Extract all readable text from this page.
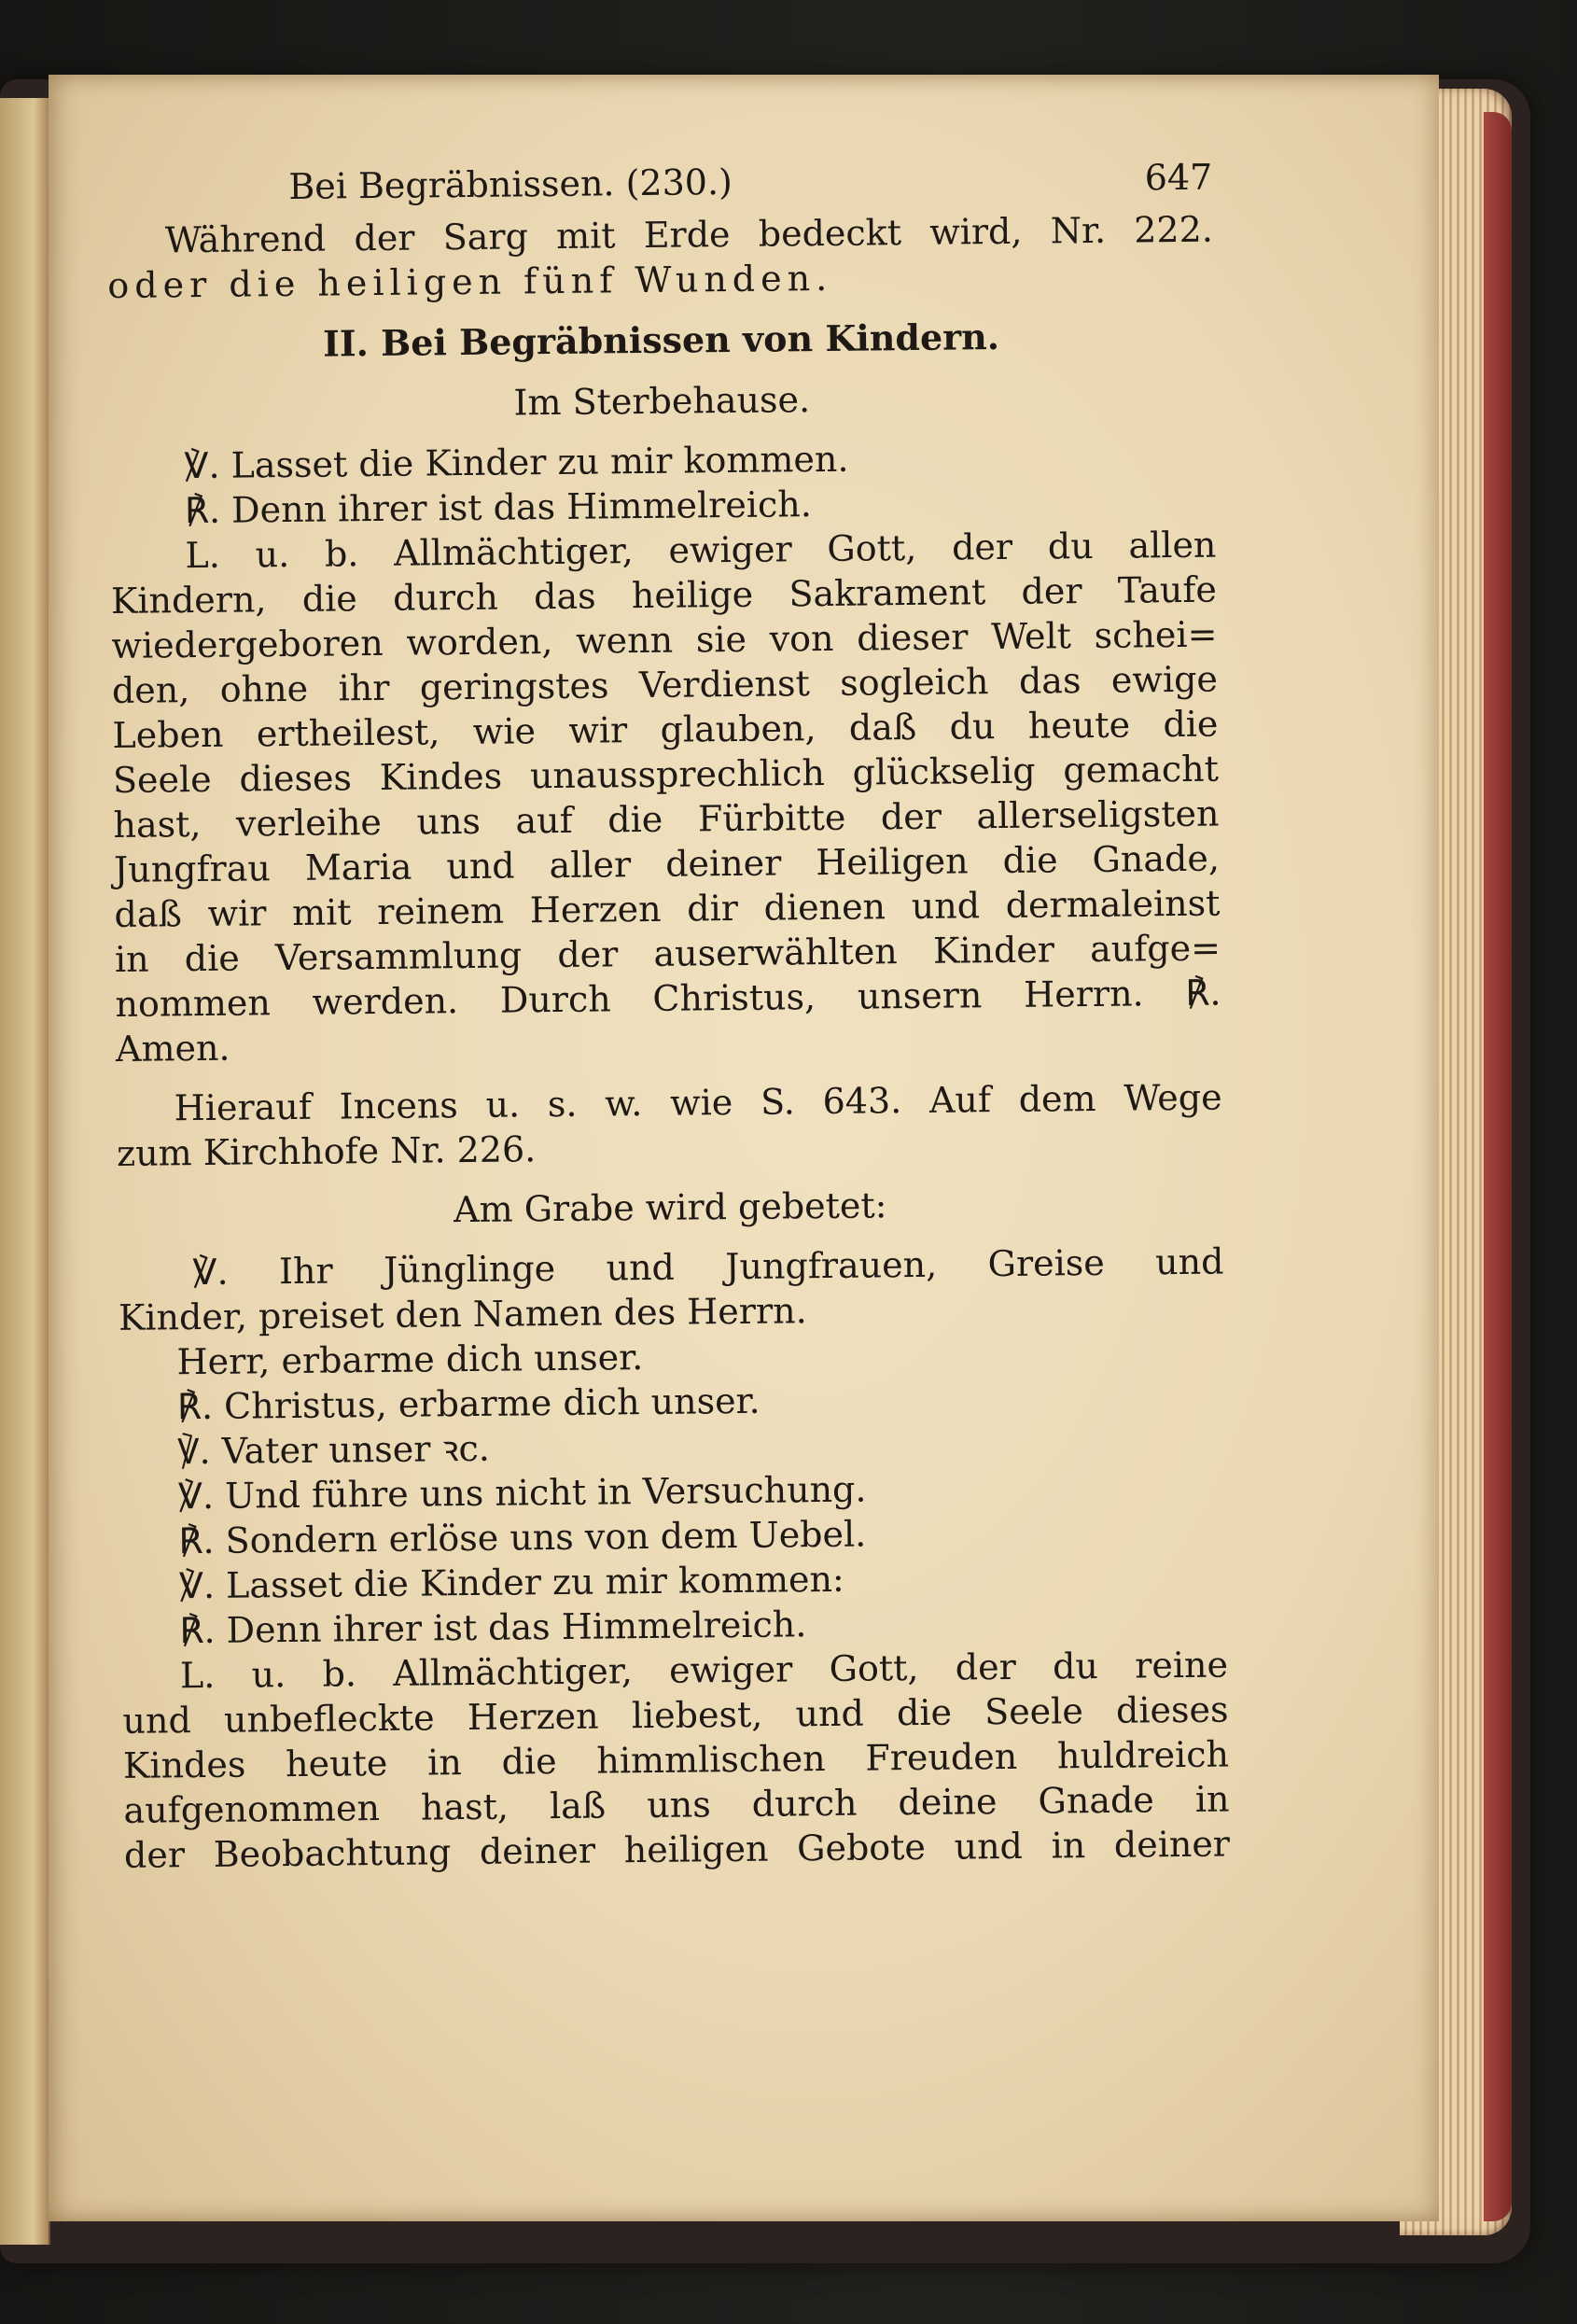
Bei Begräbnissen. (230.)	647
Während der Sarg mit Erde bedeckt wird, Nr. 222.
oder die heiligen fünf Wunden.
II. Bei Begräbnissen von Kindern.
Im Sterbehause.
℣. Lasset die Kinder zu mir kommen.
℟. Denn ihrer ist das Himmelreich.
L. u. b. Allmächtiger, ewiger Gott, der du allen
Kindern, die durch das heilige Sakrament der Taufe
wiedergeboren worden, wenn sie von dieser Welt schei=
den, ohne ihr geringstes Verdienst sogleich das ewige
Leben ertheilest, wie wir glauben, daß du heute die
Seele dieses Kindes unaussprechlich glückselig gemacht
hast, verleihe uns auf die Fürbitte der allerseligsten
Jungfrau Maria und aller deiner Heiligen die Gnade,
daß wir mit reinem Herzen dir dienen und dermaleinst
in die Versammlung der auserwählten Kinder aufge=
nommen werden. Durch Christus, unsern Herrn. ℟.
Amen.
Hierauf Incens u. s. w. wie S. 643. Auf dem Wege
zum Kirchhofe Nr. 226.
Am Grabe wird gebetet:
℣. Ihr Jünglinge und Jungfrauen, Greise und
Kinder, preiset den Namen des Herrn.
Herr, erbarme dich unser.
℟. Christus, erbarme dich unser.
℣. Vater unser ꝛc.
℣. Und führe uns nicht in Versuchung.
℟. Sondern erlöse uns von dem Uebel.
℣. Lasset die Kinder zu mir kommen:
℟. Denn ihrer ist das Himmelreich.
L. u. b. Allmächtiger, ewiger Gott, der du reine
und unbefleckte Herzen liebest, und die Seele dieses
Kindes heute in die himmlischen Freuden huldreich
aufgenommen hast, laß uns durch deine Gnade in
der Beobachtung deiner heiligen Gebote und in deiner
